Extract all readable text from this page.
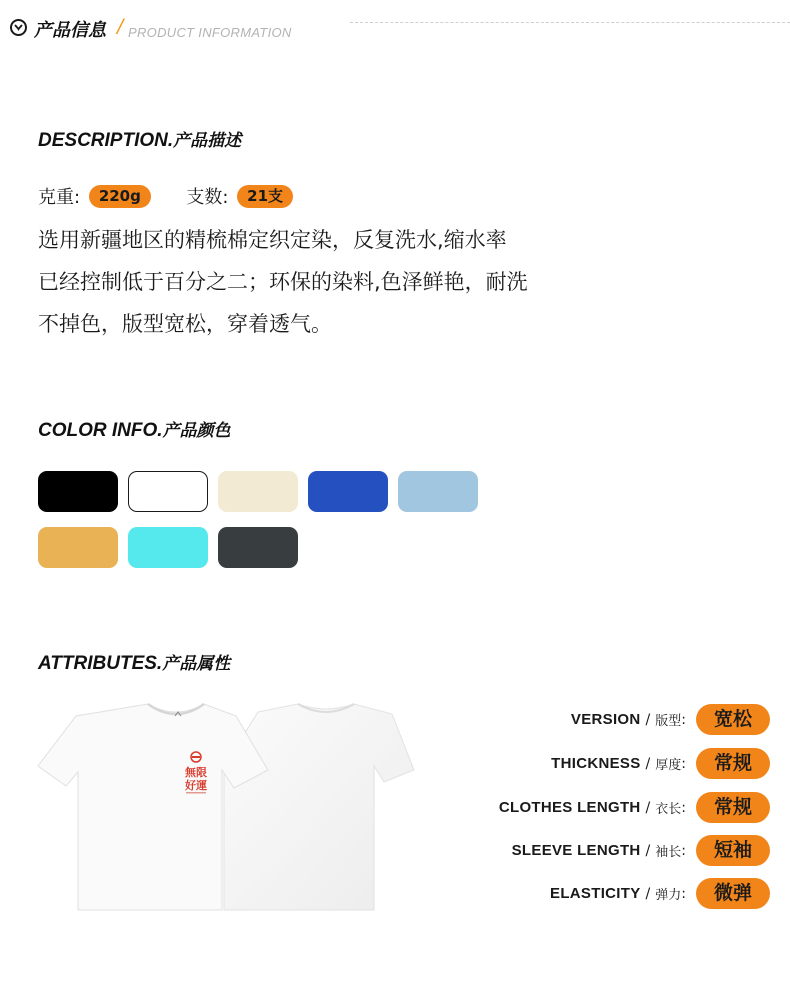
产品信息 / PRODUCT INFORMATION
DESCRIPTION.产品描述
克重: 220g	支数: 21支
选用新疆地区的精梳棉定织定染，反复洗水,缩水率
已经控制低于百分之二；环保的染料,色泽鲜艳，耐洗
不掉色，版型宽松，穿着透气。
COLOR INFO.产品颜色
ATTRIBUTES.产品属性
無限
好運
VERSION / 版型: 宽松
THICKNESS / 厚度: 常规
CLOTHES LENGTH / 衣长: 常规
SLEEVE LENGTH / 袖长: 短袖
ELASTICITY / 弹力: 微弹
